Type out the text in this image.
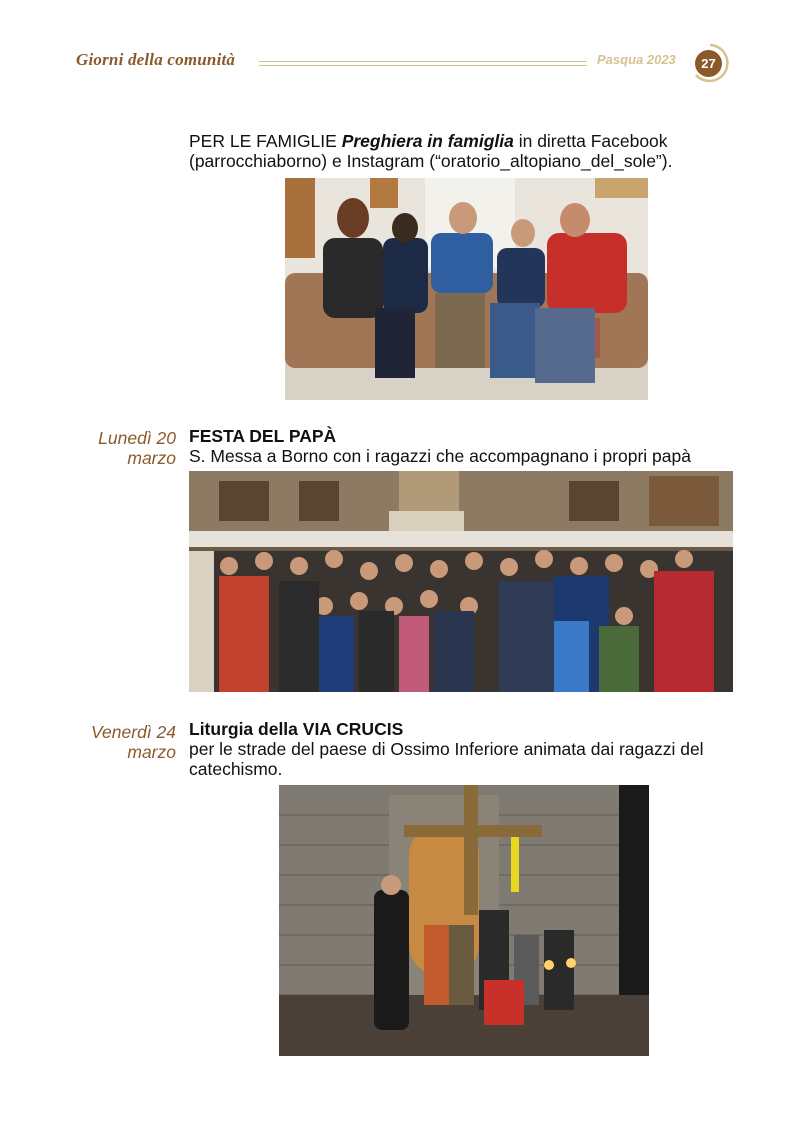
Giorni della comunità	Pasqua 2023	27
PER LE FAMIGLIE Preghiera in famiglia in diretta Facebook
(parrocchiaborno) e Instagram (“oratorio_altopiano_del_sole”).
Lunedì 20
marzo
FESTA DEL PAPÀ
S. Messa a Borno con i ragazzi che accompagnano i propri papà
Venerdì 24
marzo
Liturgia della VIA CRUCIS
per le strade del paese di Ossimo Inferiore animata dai ragazzi del
catechismo.
